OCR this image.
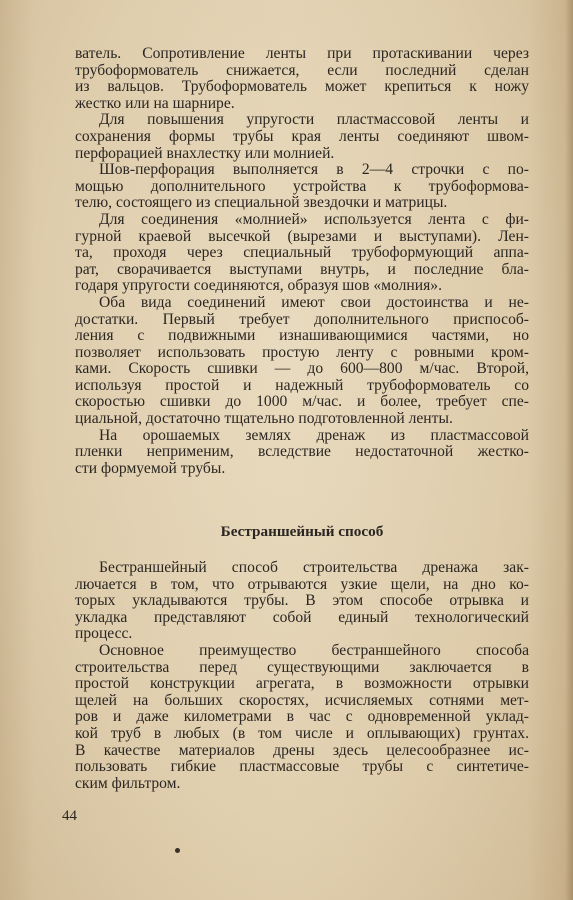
ватель. Сопротивление ленты при протаскивании через
трубоформователь снижается, если последний сделан
из вальцов. Трубоформователь может крепиться к ножу
жестко или на шарнире.
Для повышения упругости пластмассовой ленты и
сохранения формы трубы края ленты соединяют швом-
перфорацией внахлестку или молнией.
Шов-перфорация выполняется в 2—4 строчки с по-
мощью дополнительного устройства к трубоформова-
телю, состоящего из специальной звездочки и матрицы.
Для соединения «молнией» используется лента с фи-
гурной краевой высечкой (вырезами и выступами). Лен-
та, проходя через специальный трубоформующий аппа-
рат, сворачивается выступами внутрь, и последние бла-
годаря упругости соединяются, образуя шов «молния».
Оба вида соединений имеют свои достоинства и не-
достатки. Первый требует дополнительного приспособ-
ления с подвижными изнашивающимися частями, но
позволяет использовать простую ленту с ровными кром-
ками. Скорость сшивки — до 600—800 м/час. Второй,
используя простой и надежный трубоформователь со
скоростью сшивки до 1000 м/час. и более, требует спе-
циальной, достаточно тщательно подготовленной ленты.
На орошаемых землях дренаж из пластмассовой
пленки неприменим, вследствие недостаточной жестко-
сти формуемой трубы.
Бестраншейный способ
Бестраншейный способ строительства дренажа зак-
лючается в том, что отрываются узкие щели, на дно ко-
торых укладываются трубы. В этом способе отрывка и
укладка представляют собой единый технологический
процесс.
Основное преимущество бестраншейного способа
строительства перед существующими заключается в
простой конструкции агрегата, в возможности отрывки
щелей на больших скоростях, исчисляемых сотнями мет-
ров и даже километрами в час с одновременной уклад-
кой труб в любых (в том числе и оплывающих) грунтах.
В качестве материалов дрены здесь целесообразнее ис-
пользовать гибкие пластмассовые трубы с синтетиче-
ским фильтром.
44
